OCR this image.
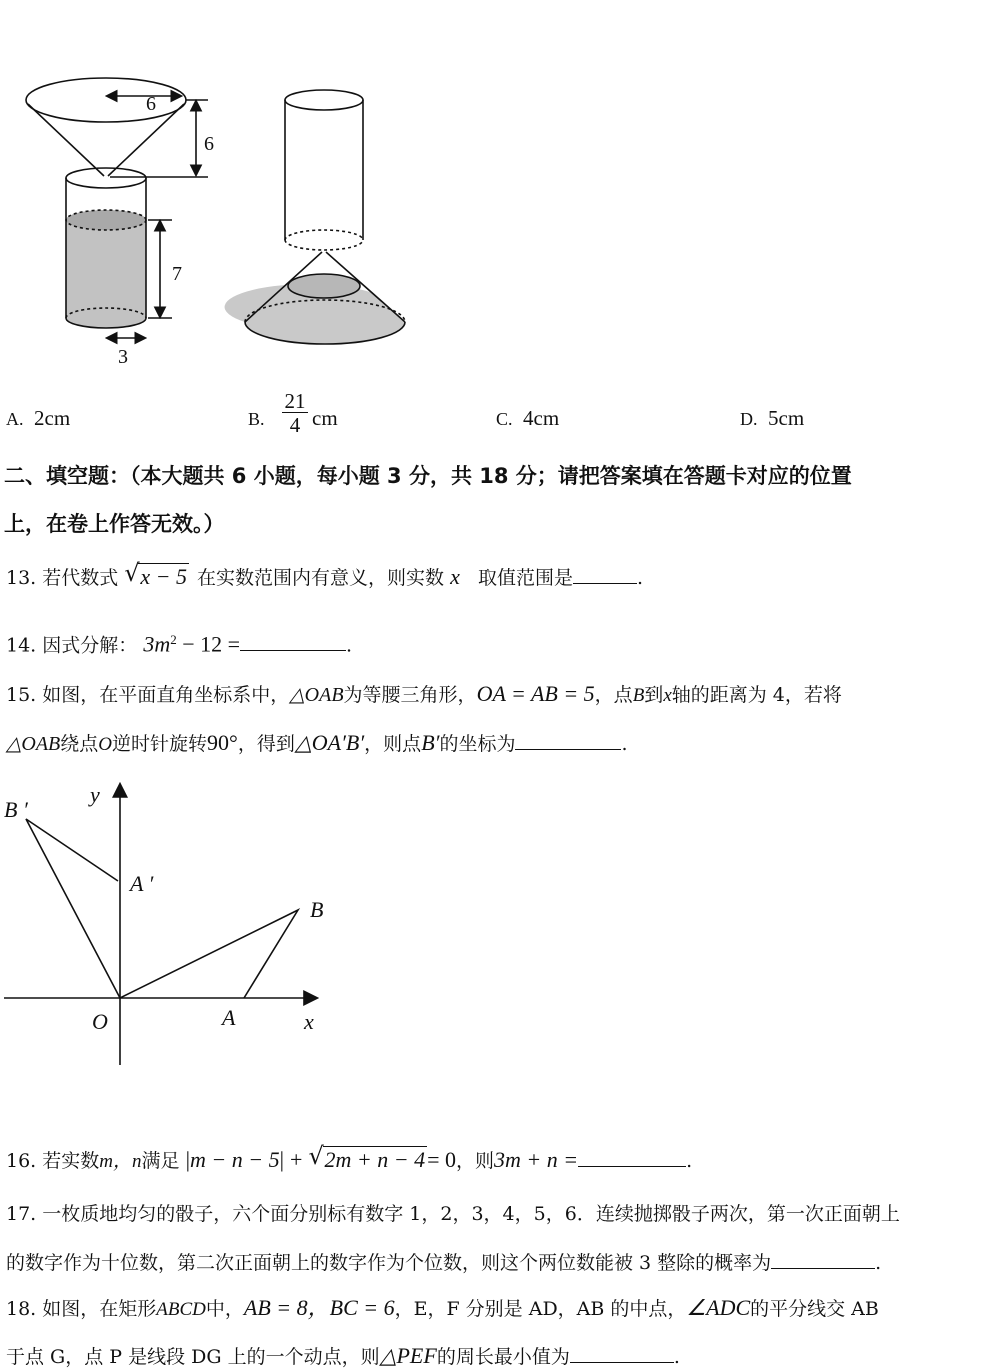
6
6
7
3
A. 2cm	B.
21
4 cm	C. 4cm	D. 5cm
二、填空题：（本大题共 6 小题，每小题 3 分，共 18 分；请把答案填在答题卡对应的位置
上，在卷上作答无效。）
13. 若代数式 √ x − 5 在实数范围内有意义，则实数 x 取值范围是	.
14. 因式分解： $3m^2 - 12$ =	.
15. 如图，在平面直角坐标系中，△OAB为等腰三角形，OA = AB = 5，点B到x轴的距离为 4，若将
△OAB绕点O逆时针旋转90°，得到△OA′B′，则点B′的坐标为	.
B ′
y
A ′
B
O	A	x
16. 若实数m，n满足 |m − n − 5| + √ 2m + n − 4= 0，则3m + n =	.
17. 一枚质地均匀的骰子，六个面分别标有数字 1，2，3，4，5，6．连续抛掷骰子两次，第一次正面朝上
的数字作为十位数，第二次正面朝上的数字作为个位数，则这个两位数能被 3 整除的概率为	.
18. 如图，在矩形ABCD中，AB = 8，BC = 6，E，F 分别是 AD，AB 的中点，∠ADC的平分线交 AB
于点 G，点 P 是线段 DG 上的一个动点，则△PEF的周长最小值为	.
